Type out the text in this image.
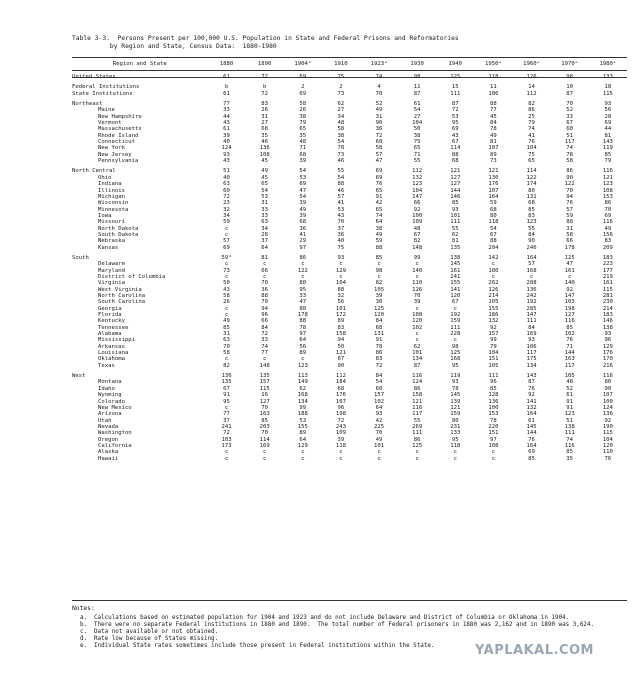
Table 3-3.  Persons Present per 100,000 U.S. Population in State and Federal Prisons and Reformatories
by Region and State, Census Data:  1880-1980
Region and State	1880	1890	1904ᵃ	1910	1923ᵃ	1930	1940	1950ᵉ	1960ᵉ	1970ᵉ	1980ᵉ

United States	61	72	69	75	74	98	125	118	126	98	133

Federal Institutions	b	b	2	2	4	11	15	11	14	10	18
State Institutions	61	72	69	73	70	87	111	106	112	87	115

Northeast	77	83	58	62	52	61	87	88	82	70	93
Maine	33	26	26	27	49	54	72	77	86	52	56
New Hampshire	44	31	38	34	31	27	53	45	25	33	28
Vermont	43	27	79	48	90	104	95	84	79	67	69
Massachusetts	61	68	65	58	36	50	69	78	74	60	44
Rhode Island	39	35	35	38	72	38	43	49	41	51	81
Connecticut	40	46	48	54	60	75	67	81	76	117	143
New York	124	136	71	78	58	65	114	107	104	74	119
New Jersey	93	108	68	73	57	71	88	89	75	78	85
Pennsylvania	43	45	39	46	47	55	68	73	65	58	79

North Central	51	49	54	55	69	112	121	121	114	86	116
Ohio	40	45	53	54	69	132	127	130	122	90	121
Indiana	63	65	69	88	76	123	127	176	174	122	123
Illinois	60	54	47	46	65	104	144	107	80	70	108
Michigan	72	53	54	57	91	147	146	164	131	94	153
Wisconsin	23	31	39	41	42	66	85	59	68	76	86
Minnesota	32	33	49	53	65	92	93	68	85	57	70
Iowa	34	33	39	43	74	100	101	80	83	59	69
Missouri	59	63	68	70	64	109	111	118	123	88	116
North Dakota	c	34	36	37	38	48	55	54	55	31	49
South Dakota	c	28	41	36	49	67	62	67	84	58	156
Nebraska	57	37	29	40	59	82	81	88	90	66	83
Kansas	69	64	97	75	88	148	135	204	246	178	209

South	59ᵈ	81	86	93	85	99	138	142	164	125	183
Delaware	c	c	c	c	c	c	145	c	57	47	223
Maryland	73	66	122	129	98	140	161	180	168	161	177
District of Columbia	c	c	c	c	c	c	241	c	c	c	219
Virginia	50	70	80	104	82	110	155	262	288	140	161
West Virginia	43	36	95	88	105	126	141	126	136	92	115
North Carolina	58	88	33	32	39	70	120	214	242	147	281
South Carolina	26	70	47	56	30	39	67	105	192	103	230
Georgia	c	94	80	101	125	c	c	155	285	198	214
Florida	c	96	178	172	120	108	192	186	147	127	183
Kentucky	49	66	88	89	84	120	159	132	111	116	146
Tennessee	85	84	78	83	68	102	111	92	84	85	138
Alabama	31	72	97	158	131	c	228	157	169	102	93
Mississippi	63	33	64	94	91	c	c	99	93	76	96
Arkansas	70	74	56	50	78	62	98	79	106	71	129
Louisiana	58	77	89	121	86	101	125	104	117	144	176
Oklahoma	c	c	c	67	83	134	168	151	175	163	170
Texas	82	148	123	90	72	87	95	105	134	117	216

West	136	135	113	112	84	116	119	111	143	105	116
Montana	135	157	149	184	54	124	93	96	87	48	80
Idaho	67	115	62	68	60	86	78	85	76	52	90
Wyoming	91	16	168	176	157	158	145	128	92	61	107
Colorado	95	127	134	107	102	121	139	136	141	91	100
New Mexico	c	70	99	96	64	116	121	100	132	91	124
Arizona	77	163	188	198	93	117	159	153	164	123	136
Utah	37	85	53	72	42	55	80	78	61	51	92
Nevada	241	203	155	243	225	269	231	220	145	138	190
Washington	72	70	89	109	70	111	133	151	144	111	115
Oregon	103	114	64	39	49	86	95	97	76	74	104
California	173	169	129	118	101	125	118	108	164	116	120
Alaska	c	c	c	c	c	c	c	c	69	85	110
Hawaii	c	c	c	c	c	c	c	c	85	35	76
Notes:
a.	Calculations based on estimated population for 1904 and 1923 and do not include Delaware and District of Columbia or Oklahoma in 1904.
b.	There were no separate Federal institutions in 1880 and 1890.  The total number of Federal prisoners in 1880 was 2,162 and in 1890 was 3,624.
c.	Data not available or not obtained.
d.	Rate low because of States missing.
e.	Individual State rates sometimes include those present in Federal institutions within the State.	YAPLAKAL.COM
